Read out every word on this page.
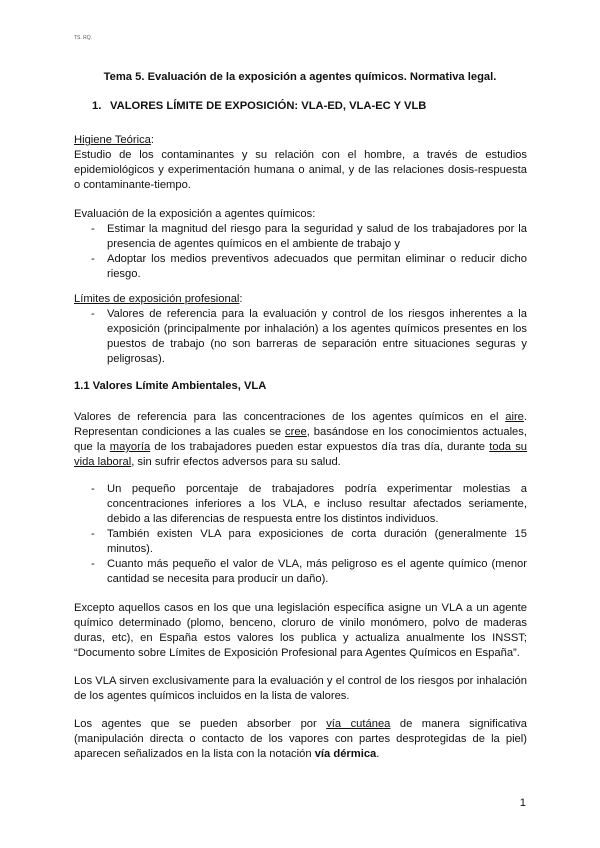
TS. RQ.
Tema 5. Evaluación de la exposición a agentes químicos. Normativa legal.
1. VALORES LÍMITE DE EXPOSICIÓN: VLA-ED, VLA-EC Y VLB
Higiene Teórica:
Estudio de los contaminantes y su relación con el hombre, a través de estudios epidemiológicos y experimentación humana o animal, y de las relaciones dosis-respuesta o contaminante-tiempo.
Evaluación de la exposición a agentes químicos:
- Estimar la magnitud del riesgo para la seguridad y salud de los trabajadores por la presencia de agentes químicos en el ambiente de trabajo y
- Adoptar los medios preventivos adecuados que permitan eliminar o reducir dicho riesgo.
Límites de exposición profesional:
- Valores de referencia para la evaluación y control de los riesgos inherentes a la exposición (principalmente por inhalación) a los agentes químicos presentes en los puestos de trabajo (no son barreras de separación entre situaciones seguras y peligrosas).
1.1 Valores Límite Ambientales, VLA
Valores de referencia para las concentraciones de los agentes químicos en el aire. Representan condiciones a las cuales se cree, basándose en los conocimientos actuales, que la mayoría de los trabajadores pueden estar expuestos día tras día, durante toda su vida laboral, sin sufrir efectos adversos para su salud.
- Un pequeño porcentaje de trabajadores podría experimentar molestias a concentraciones inferiores a los VLA, e incluso resultar afectados seriamente, debido a las diferencias de respuesta entre los distintos individuos.
- También existen VLA para exposiciones de corta duración (generalmente 15 minutos).
- Cuanto más pequeño el valor de VLA, más peligroso es el agente químico (menor cantidad se necesita para producir un daño).
Excepto aquellos casos en los que una legislación específica asigne un VLA a un agente químico determinado (plomo, benceno, cloruro de vinilo monómero, polvo de maderas duras, etc), en España estos valores los publica y actualiza anualmente los INSST; “Documento sobre Límites de Exposición Profesional para Agentes Químicos en España”.
Los VLA sirven exclusivamente para la evaluación y el control de los riesgos por inhalación de los agentes químicos incluidos en la lista de valores.
Los agentes que se pueden absorber por vía cutánea de manera significativa (manipulación directa o contacto de los vapores con partes desprotegidas de la piel) aparecen señalizados en la lista con la notación vía dérmica.
1
